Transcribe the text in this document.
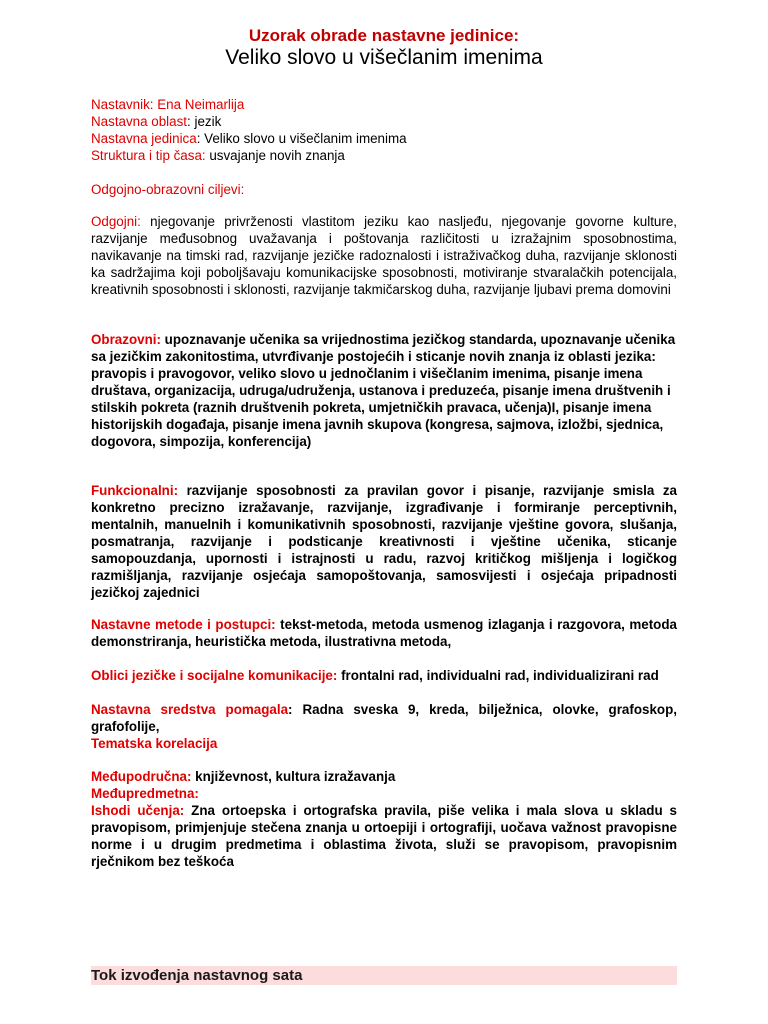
Uzorak obrade nastavne jedinice:
Veliko slovo u višečlanim imenima
Nastavnik: Ena Neimarlija
Nastavna oblast: jezik
Nastavna jedinica: Veliko slovo u višečlanim imenima
Struktura i tip časa: usvajanje novih znanja
Odgojno-obrazovni ciljevi:
Odgojni: njegovanje privrženosti vlastitom jeziku kao nasljeđu, njegovanje govorne kulture, razvijanje međusobnog uvažavanja i poštovanja različitosti u izražajnim sposobnostima, navikavanje na timski rad, razvijanje jezičke radoznalosti i istraživačkog duha, razvijanje sklonosti ka sadržajima koji poboljšavaju komunikacijske sposobnosti, motiviranje stvaralačkih potencijala, kreativnih sposobnosti i sklonosti, razvijanje takmičarskog duha, razvijanje ljubavi prema domovini
Obrazovni: upoznavanje učenika sa vrijednostima jezičkog standarda, upoznavanje učenika sa jezičkim zakonitostima, utvrđivanje postojećih i sticanje novih znanja iz oblasti jezika: pravopis i pravogovor, veliko slovo u jednočlanim i višečlanim imenima, pisanje imena društava, organizacija, udruga/udruženja, ustanova i preduzeća, pisanje imena društvenih i stilskih pokreta (raznih društvenih pokreta, umjetničkih pravaca, učenja)I, pisanje imena historijskih događaja, pisanje imena javnih skupova (kongresa, sajmova, izložbi, sjednica, dogovora, simpozija, konferencija)
Funkcionalni: razvijanje sposobnosti za pravilan govor i pisanje, razvijanje smisla za konkretno precizno izražavanje, razvijanje, izgrađivanje i formiranje perceptivnih, mentalnih, manuelnih i komunikativnih sposobnosti, razvijanje vještine govora, slušanja, posmatranja, razvijanje i podsticanje kreativnosti i vještine učenika, sticanje samopouzdanja, upornosti i istrajnosti u radu, razvoj kritičkog mišljenja i logičkog razmišljanja, razvijanje osjećaja samopoštovanja, samosvijesti i osjećaja pripadnosti jezičkoj zajednici
Nastavne metode i postupci: tekst-metoda, metoda usmenog izlaganja i razgovora, metoda demonstriranja, heuristička metoda, ilustrativna metoda,
Oblici jezičke i socijalne komunikacije: frontalni rad, individualni rad, individualizirani rad
Nastavna sredstva pomagala: Radna sveska 9, kreda, bilježnica, olovke, grafoskop, grafofolije,
Tematska korelacija
Međupodručna: književnost, kultura izražavanja
Međupredmetna:
Ishodi učenja: Zna ortoepska i ortografska pravila, piše velika i mala slova u skladu s pravopisom, primjenjuje stečena znanja u ortoepiji i ortografiji, uočava važnost pravopisne norme i u drugim predmetima i oblastima života, služi se pravopisom, pravopisnim rječnikom bez teškoća
Tok izvođenja nastavnog sata
